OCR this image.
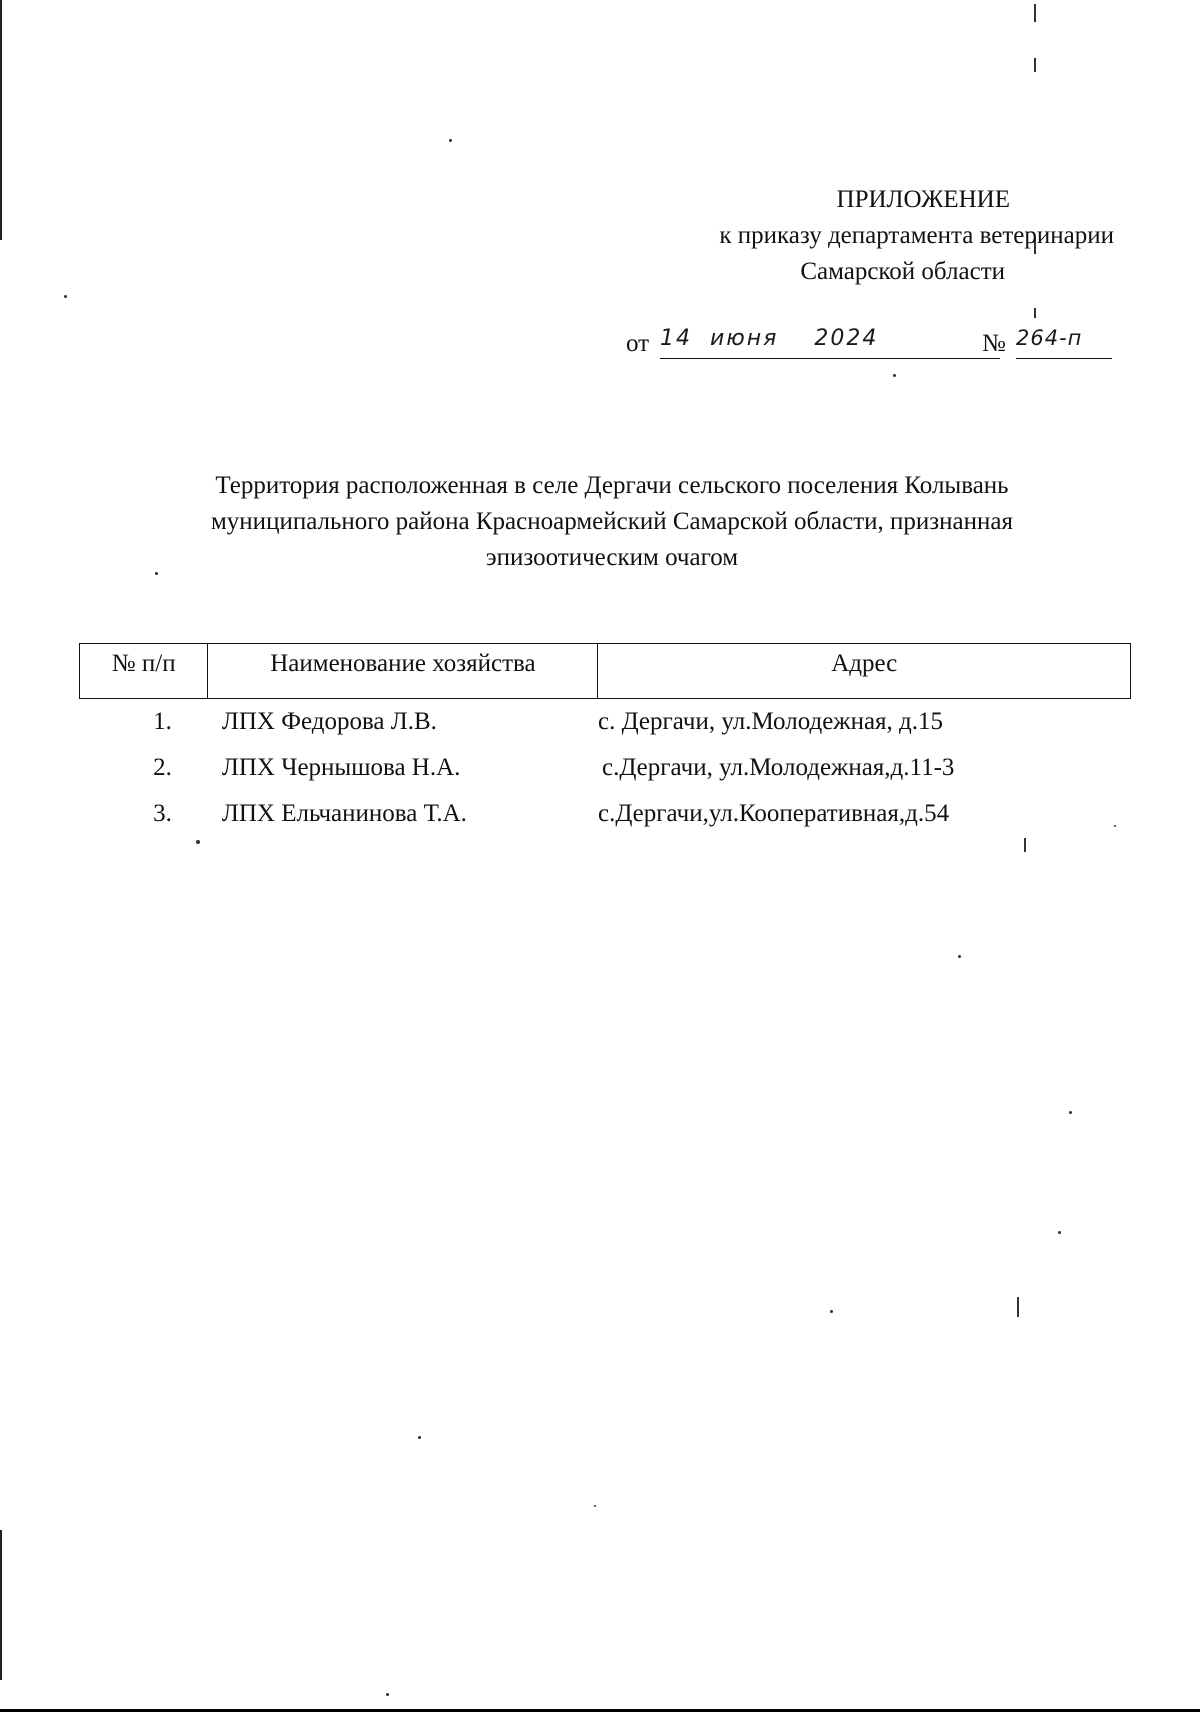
ПРИЛОЖЕНИЕ
к приказу департамента ветеринарии
Самарской области
от 14  июня    2024	№ 264-п
Территория расположенная в селе Дергачи сельского поселения Колывань муниципального района Красноармейский Самарской области, признанная эпизоотическим очагом
№ п/п	Наименование хозяйства	Адрес
1.	ЛПХ Федорова Л.В.	с. Дергачи, ул.Молодежная, д.15
2.	ЛПХ Чернышова Н.А.	с.Дергачи, ул.Молодежная,д.11-3
3.	ЛПХ Ельчанинова Т.А.	с.Дергачи,ул.Кооперативная,д.54
